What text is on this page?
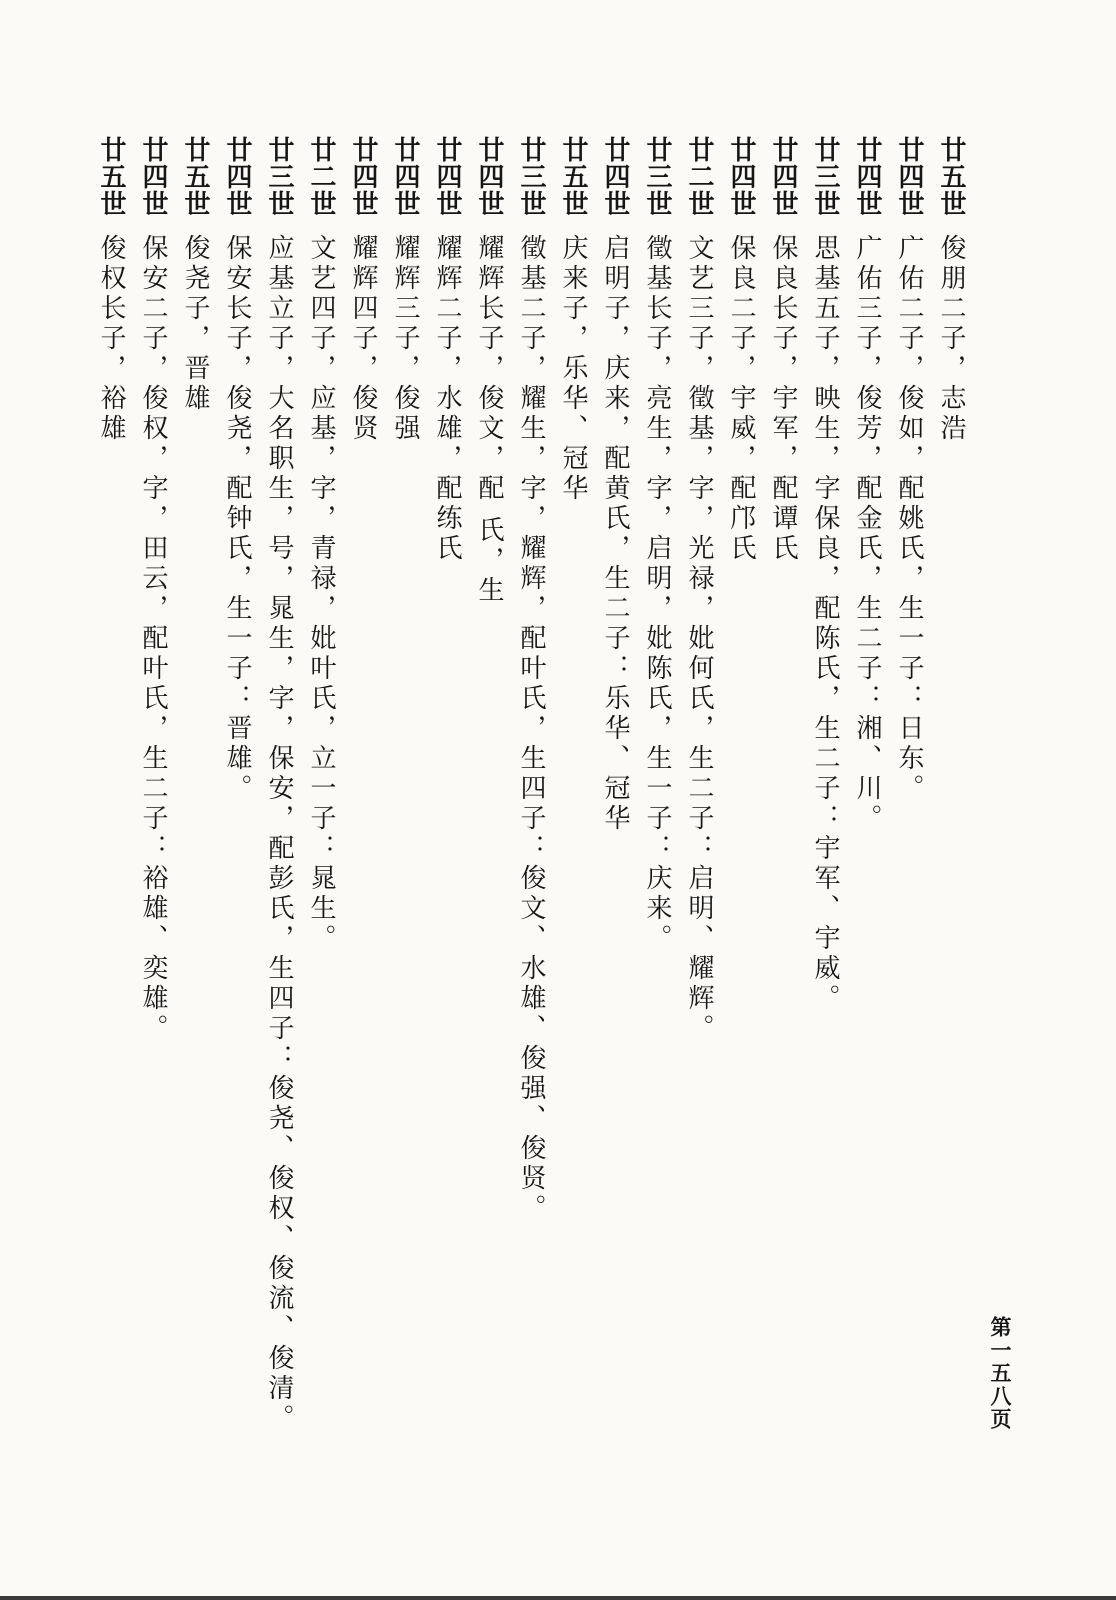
廿五世
俊朋二子，志浩
廿四世
广佑二子，俊如，配姚氏，生一子：日东。
廿四世
广佑三子，俊芳，配金氏，生二子：湘、川。
廿三世
思基五子，映生，字保良，配陈氏，生二子：宇军、宇威。
廿四世
保良长子，宇军，配谭氏
廿四世
保良二子，宇威，配邝氏
廿二世
文艺三子，徵基，字，光禄，妣何氏，生二子：启明、耀辉。
廿三世
徵基长子，亮生，字，启明，妣陈氏，生一子：庆来。
廿四世
启明子，庆来，配黄氏，生二子：乐华、冠华
廿五世
庆来子，乐华、冠华
廿三世
徵基二子，耀生，字，耀辉，配叶氏，生四子：俊文、水雄、俊强、俊贤。
廿四世
耀辉长子，俊文，配 氏，生
廿四世
耀辉二子，水雄，配练氏
廿四世
耀辉三子，俊强
廿四世
耀辉四子，俊贤
廿二世
文艺四子，应基，字，青禄，妣叶氏，立一子：晁生。
廿三世
应基立子，大名职生，号，晁生，字，保安，配彭氏，生四子：俊尧、俊权、俊流、俊清。
廿四世
保安长子，俊尧，配钟氏，生一子：晋雄。
廿五世
俊尧子，晋雄
廿四世
保安二子，俊权，字，田云，配叶氏，生二子：裕雄、奕雄。
廿五世
俊权长子，裕雄
第一五八页
